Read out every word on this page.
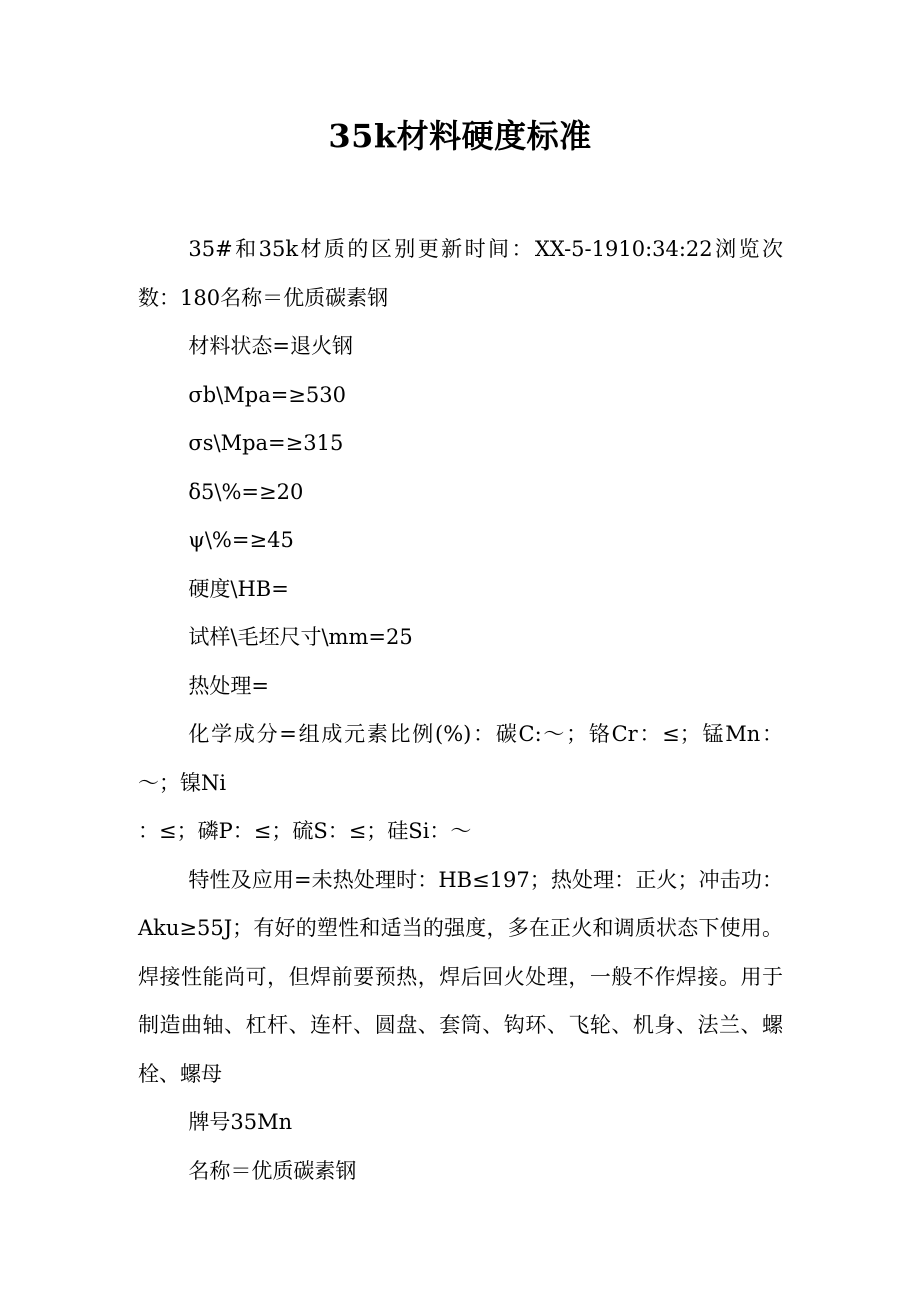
35k材料硬度标准

35#和35k材质的区别更新时间：XX-5-1910:34:22浏览次数：180名称＝优质碳素钢

材料状态=退火钢

σb\Mpa=≥530

σs\Mpa=≥315

δ5\%=≥20

ψ\%=≥45

硬度\HB=

试样\毛坯尺寸\mm=25

热处理=

化学成分=组成元素比例(%)：碳C:～；铬Cr：≤；锰Mn：～；镍Ni

：≤；磷P：≤；硫S：≤；硅Si：～

特性及应用=未热处理时：HB≤197；热处理：正火；冲击功：Aku≥55J；有好的塑性和适当的强度，多在正火和调质状态下使用。焊接性能尚可，但焊前要预热，焊后回火处理，一般不作焊接。用于制造曲轴、杠杆、连杆、圆盘、套筒、钩环、飞轮、机身、法兰、螺栓、螺母

牌号35Mn

名称＝优质碳素钢
